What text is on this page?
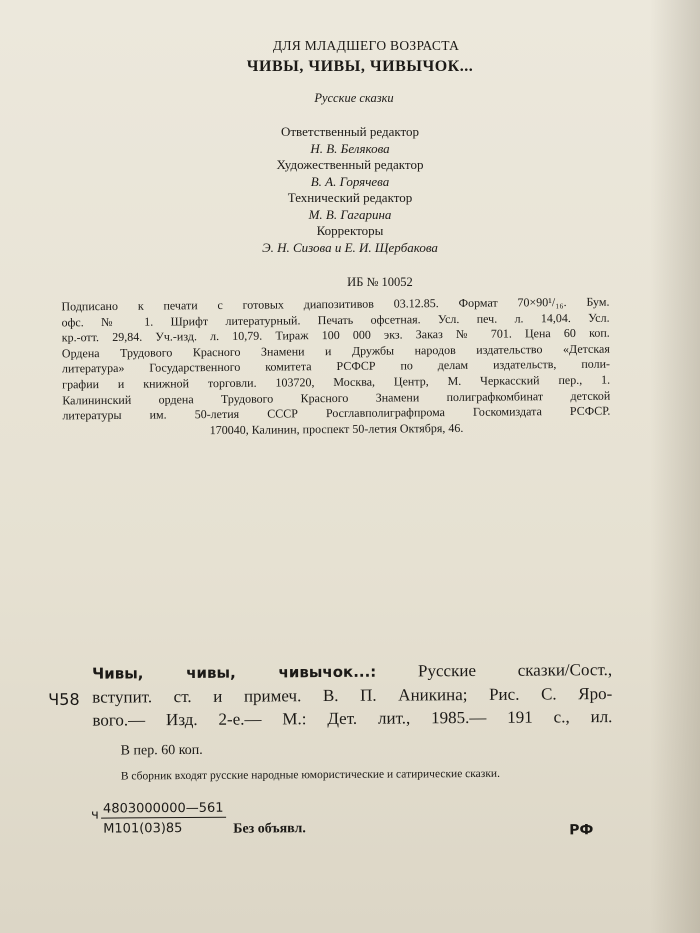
ДЛЯ МЛАДШЕГО ВОЗРАСТА
ЧИВЫ, ЧИВЫ, ЧИВЫЧОК...
Русские сказки
Ответственный редактор
Н. В. Белякова
Художественный редактор
В. А. Горячева
Технический редактор
М. В. Гагарина
Корректоры
Э. Н. Сизова и Е. И. Щербакова
ИБ № 10052
Подписано к печати с готовых диапозитивов 03.12.85. Формат 70×90¹/₁₆. Бум.
офс. № 1. Шрифт литературный. Печать офсетная. Усл. печ. л. 14,04. Усл.
кр.-отт. 29,84. Уч.-изд. л. 10,79. Тираж 100 000 экз. Заказ № 701. Цена 60 коп.
Ордена Трудового Красного Знамени и Дружбы народов издательство «Детская
литература» Государственного комитета РСФСР по делам издательств, поли-
графии и книжной торговли. 103720, Москва, Центр, М. Черкасский пер., 1.
Калининский ордена Трудового Красного Знамени полиграфкомбинат детской
литературы им. 50-летия СССР Росглавполиграфпрома Госкомиздата РСФСР.
170040, Калинин, проспект 50-летия Октября, 46.
Ч58
Чивы, чивы, чивычок...: Русские сказки/Сост.,
вступит. ст. и примеч. В. П. Аникина; Рис. С. Яро-
вого.— Изд. 2-е.— М.: Дет. лит., 1985.— 191 с., ил.
В пер. 60 коп.
В сборник входят русские народные юмористические и сатирические сказки.
ч 4803000000—561
М101(03)85	Без объявл.	РФ
